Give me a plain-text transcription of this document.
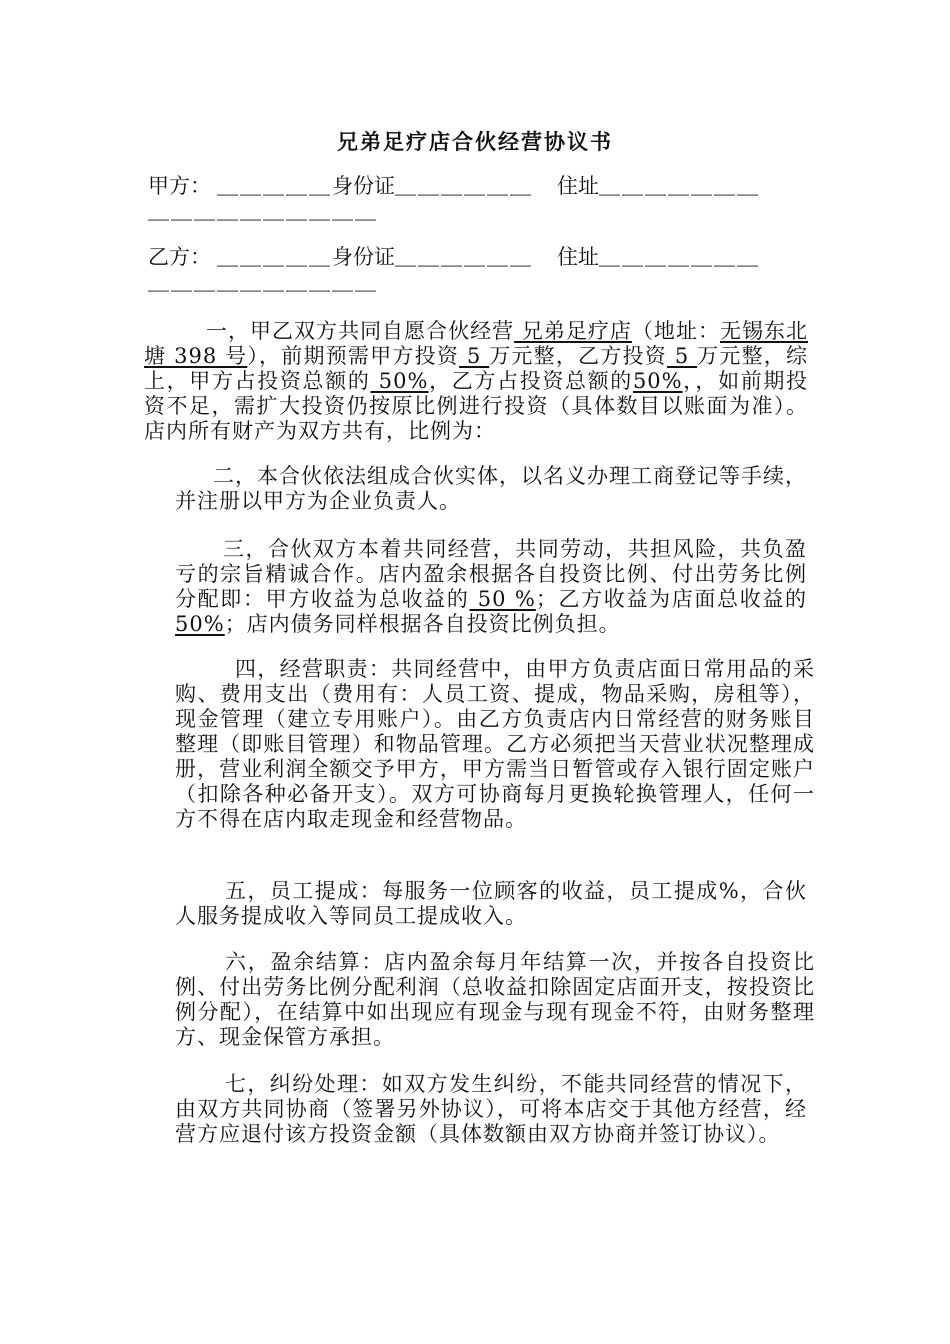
兄弟足疗店合伙经营协议书
甲方： ＿＿＿＿＿身份证＿＿＿＿＿＿ 住址＿＿＿＿＿＿＿
＿＿＿＿＿＿＿＿＿＿
乙方： ＿＿＿＿＿身份证＿＿＿＿＿＿ 住址＿＿＿＿＿＿＿
＿＿＿＿＿＿＿＿＿＿
一，甲乙双方共同自愿合伙经营 兄弟足疗店（地址：无锡东北塘 398 号），前期预需甲方投资 5 万元整，乙方投资 5 万元整，综上，甲方占投资总额的 50%，乙方占投资总额的50%，，如前期投资不足，需扩大投资仍按原比例进行投资（具体数目以账面为准）。店内所有财产为双方共有，比例为：
二，本合伙依法组成合伙实体，以名义办理工商登记等手续，并注册以甲方为企业负责人。
三，合伙双方本着共同经营，共同劳动，共担风险，共负盈亏的宗旨精诚合作。店内盈余根据各自投资比例、付出劳务比例分配即：甲方收益为总收益的 50 %；乙方收益为店面总收益的50%；店内债务同样根据各自投资比例负担。
四，经营职责：共同经营中，由甲方负责店面日常用品的采购、费用支出（费用有：人员工资、提成，物品采购，房租等），现金管理（建立专用账户）。由乙方负责店内日常经营的财务账目整理（即账目管理）和物品管理。乙方必须把当天营业状况整理成册，营业利润全额交予甲方，甲方需当日暂管或存入银行固定账户（扣除各种必备开支）。双方可协商每月更换轮换管理人，任何一方不得在店内取走现金和经营物品。
五，员工提成：每服务一位顾客的收益，员工提成%，合伙人服务提成收入等同员工提成收入。
六，盈余结算：店内盈余每月年结算一次，并按各自投资比例、付出劳务比例分配利润（总收益扣除固定店面开支，按投资比例分配），在结算中如出现应有现金与现有现金不符，由财务整理方、现金保管方承担。
七，纠纷处理：如双方发生纠纷，不能共同经营的情况下，由双方共同协商（签署另外协议），可将本店交于其他方经营，经营方应退付该方投资金额（具体数额由双方协商并签订协议）。
